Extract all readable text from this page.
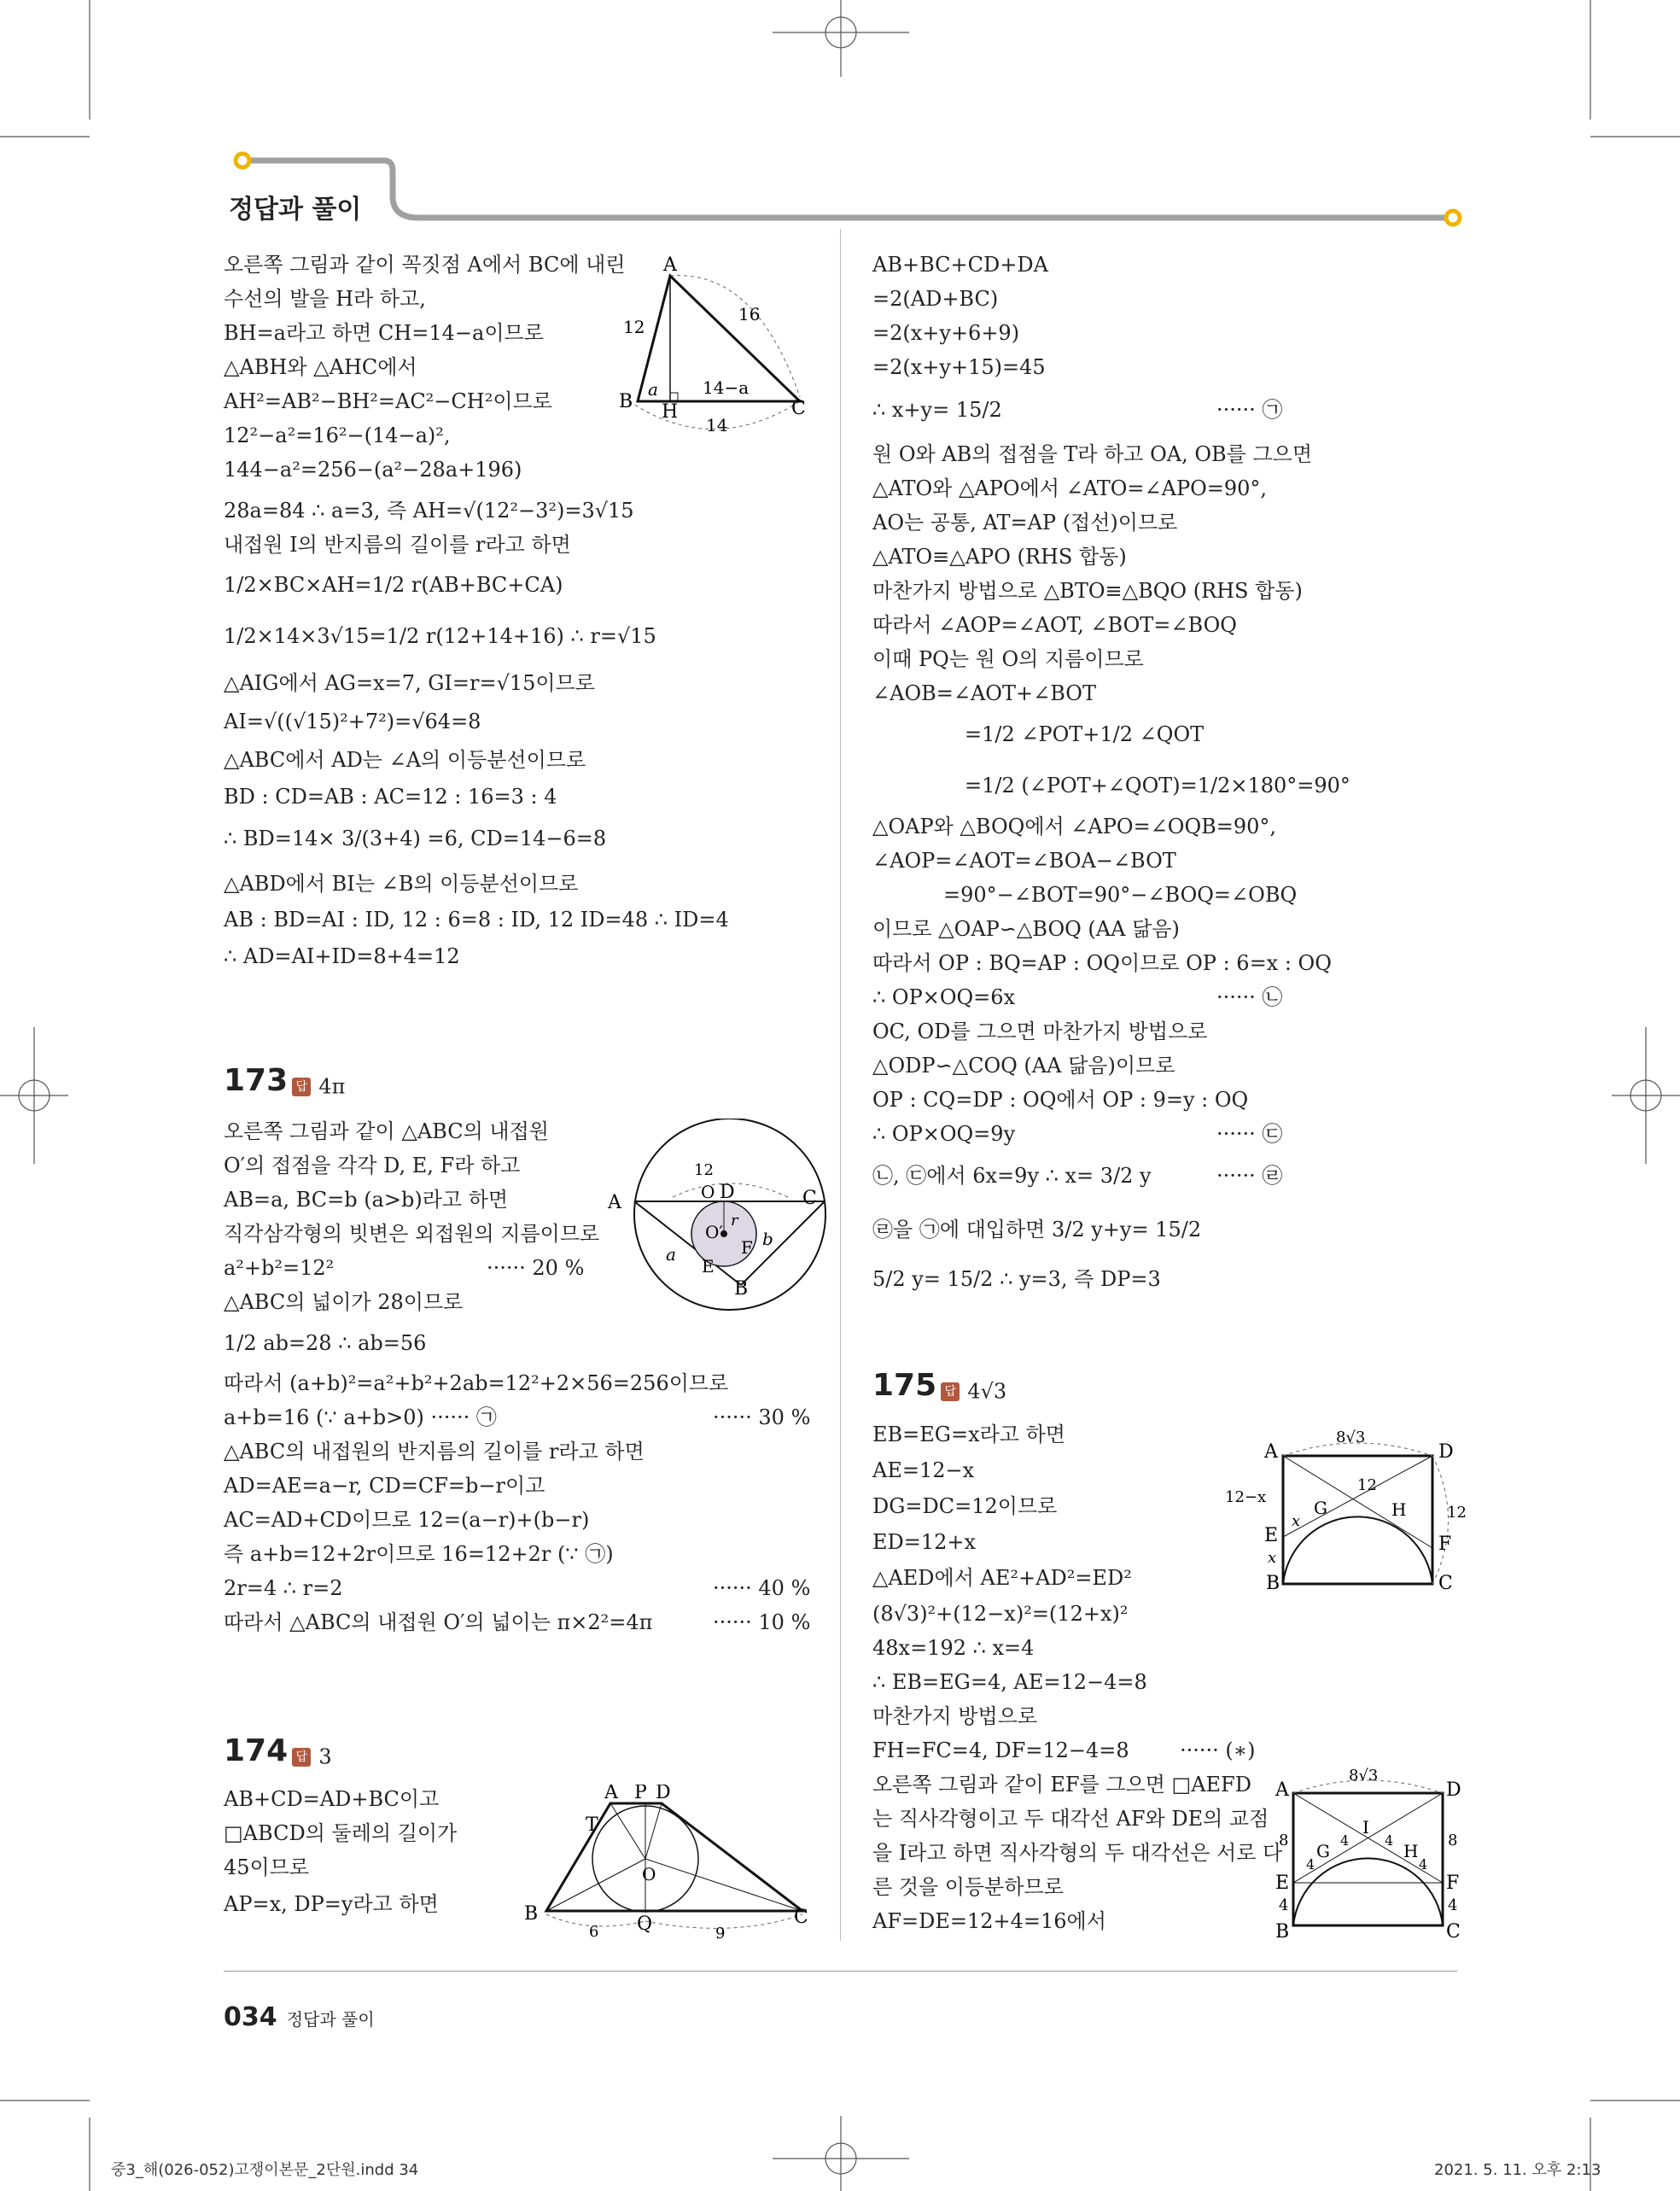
정답과 풀이
오른쪽 그림과 같이 꼭짓점 A에서 BC에 내린
수선의 발을 H라 하고,
BH=a라고 하면 CH=14−a이므로
△ABH와 △AHC에서
AH²=AB²−BH²=AC²−CH²이므로
12²−a²=16²−(14−a)²,
144−a²=256−(a²−28a+196)
28a=84 ∴ a=3, 즉 AH=√(12²−3²)=3√15
내접원 I의 반지름의 길이를 r라고 하면
1/2×BC×AH=1/2 r(AB+BC+CA)
1/2×14×3√15=1/2 r(12+14+16) ∴ r=√15
△AIG에서 AG=x=7, GI=r=√15이므로
AI=√((√15)²+7²)=√64=8
△ABC에서 AD는 ∠A의 이등분선이므로
BD : CD=AB : AC=12 : 16=3 : 4
∴ BD=14× 3/(3+4) =6, CD=14−6=8
△ABD에서 BI는 ∠B의 이등분선이므로
AB : BD=AI : ID, 12 : 6=8 : ID, 12 ID=48 ∴ ID=4
∴ AD=AI+ID=8+4=12
A
B	C
H
12
16
a	14−a
14
173 답 4π
오른쪽 그림과 같이 △ABC의 내접원
O′의 접점을 각각 D, E, F라 하고
AB=a, BC=b (a>b)라고 하면
직각삼각형의 빗변은 외접원의 지름이므로
a²+b²=12²	······ 20 %
△ABC의 넓이가 28이므로
1/2 ab=28 ∴ ab=56
따라서 (a+b)²=a²+b²+2ab=12²+2×56=256이므로
a+b=16 (∵ a+b>0) ······ ㉠	······ 30 %
△ABC의 내접원의 반지름의 길이를 r라고 하면
AD=AE=a−r, CD=CF=b−r이고
AC=AD+CD이므로 12=(a−r)+(b−r)
즉 a+b=12+2r이므로 16=12+2r (∵ ㉠)
2r=4 ∴ r=2	······ 40 %
따라서 △ABC의 내접원 O′의 넓이는 π×2²=4π	······ 10 %
A	C
B
D
E
F
O
O′
r
a
b
12
174 답 3
AB+CD=AD+BC이고
□ABCD의 둘레의 길이가
45이므로
AP=x, DP=y라고 하면
A P D
T
O
B	Q	C
6	9
AB+BC+CD+DA
=2(AD+BC)
=2(x+y+6+9)
=2(x+y+15)=45
∴ x+y= 15/2	······ ㉠
원 O와 AB의 접점을 T라 하고 OA, OB를 그으면
△ATO와 △APO에서 ∠ATO=∠APO=90°,
AO는 공통, AT=AP (접선)이므로
△ATO≡△APO (RHS 합동)
마찬가지 방법으로 △BTO≡△BQO (RHS 합동)
따라서 ∠AOP=∠AOT, ∠BOT=∠BOQ
이때 PQ는 원 O의 지름이므로
∠AOB=∠AOT+∠BOT
=1/2 ∠POT+1/2 ∠QOT
=1/2 (∠POT+∠QOT)=1/2×180°=90°
△OAP와 △BOQ에서 ∠APO=∠OQB=90°,
∠AOP=∠AOT=∠BOA−∠BOT
=90°−∠BOT=90°−∠BOQ=∠OBQ
이므로 △OAP∽△BOQ (AA 닮음)
따라서 OP : BQ=AP : OQ이므로 OP : 6=x : OQ
∴ OP×OQ=6x	······ ㉡
OC, OD를 그으면 마찬가지 방법으로
△ODP∽△COQ (AA 닮음)이므로
OP : CQ=DP : OQ에서 OP : 9=y : OQ
∴ OP×OQ=9y	······ ㉢
㉡, ㉢에서 6x=9y ∴ x= 3/2 y	······ ㉣
㉣을 ㉠에 대입하면 3/2 y+y= 15/2
5/2 y= 15/2 ∴ y=3, 즉 DP=3
175 답 4√3
EB=EG=x라고 하면
AE=12−x
DG=DC=12이므로
ED=12+x
△AED에서 AE²+AD²=ED²
(8√3)²+(12−x)²=(12+x)²
48x=192 ∴ x=4
∴ EB=EG=4, AE=12−4=8
마찬가지 방법으로
FH=FC=4, DF=12−4=8 ······ (∗)
오른쪽 그림과 같이 EF를 그으면 □AEFD
는 직사각형이고 두 대각선 AF와 DE의 교점
을 I라고 하면 직사각형의 두 대각선은 서로 다
른 것을 이등분하므로
AF=DE=12+4=16에서
A	D
B	C
E	F
G	H
8√3
12
12−x
x
x
12
A	D
B	C
E	F
G	H
I
8√3
8	8
4	4
4	4
4	4
034 정답과 풀이
중3_해(026-052)고쟁이본문_2단원.indd 34	2021. 5. 11. 오후 2:13
